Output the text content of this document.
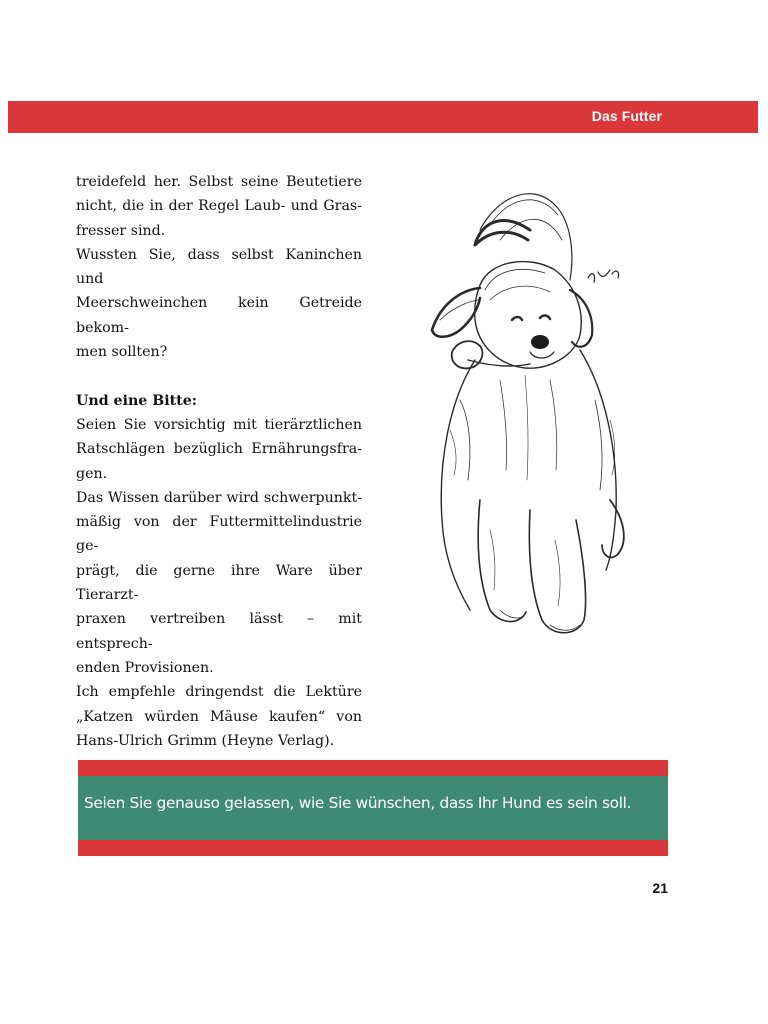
Das Futter
treidefeld her. Selbst seine Beutetiere
nicht, die in der Regel Laub- und Gras-
fresser sind.
Wussten Sie, dass selbst Kaninchen und
Meerschweinchen kein Getreide bekom-
men sollten?
Und eine Bitte:
Seien Sie vorsichtig mit tierärztlichen
Ratschlägen bezüglich Ernährungsfra-
gen.
Das Wissen darüber wird schwerpunkt-
mäßig von der Futtermittelindustrie ge-
prägt, die gerne ihre Ware über Tierarzt-
praxen vertreiben lässt – mit entsprech-
enden Provisionen.
Ich empfehle dringendst die Lektüre
„Katzen würden Mäuse kaufen“ von
Hans-Ulrich Grimm (Heyne Verlag).
Seien Sie genauso gelassen, wie Sie wünschen, dass Ihr Hund es sein soll.
21
